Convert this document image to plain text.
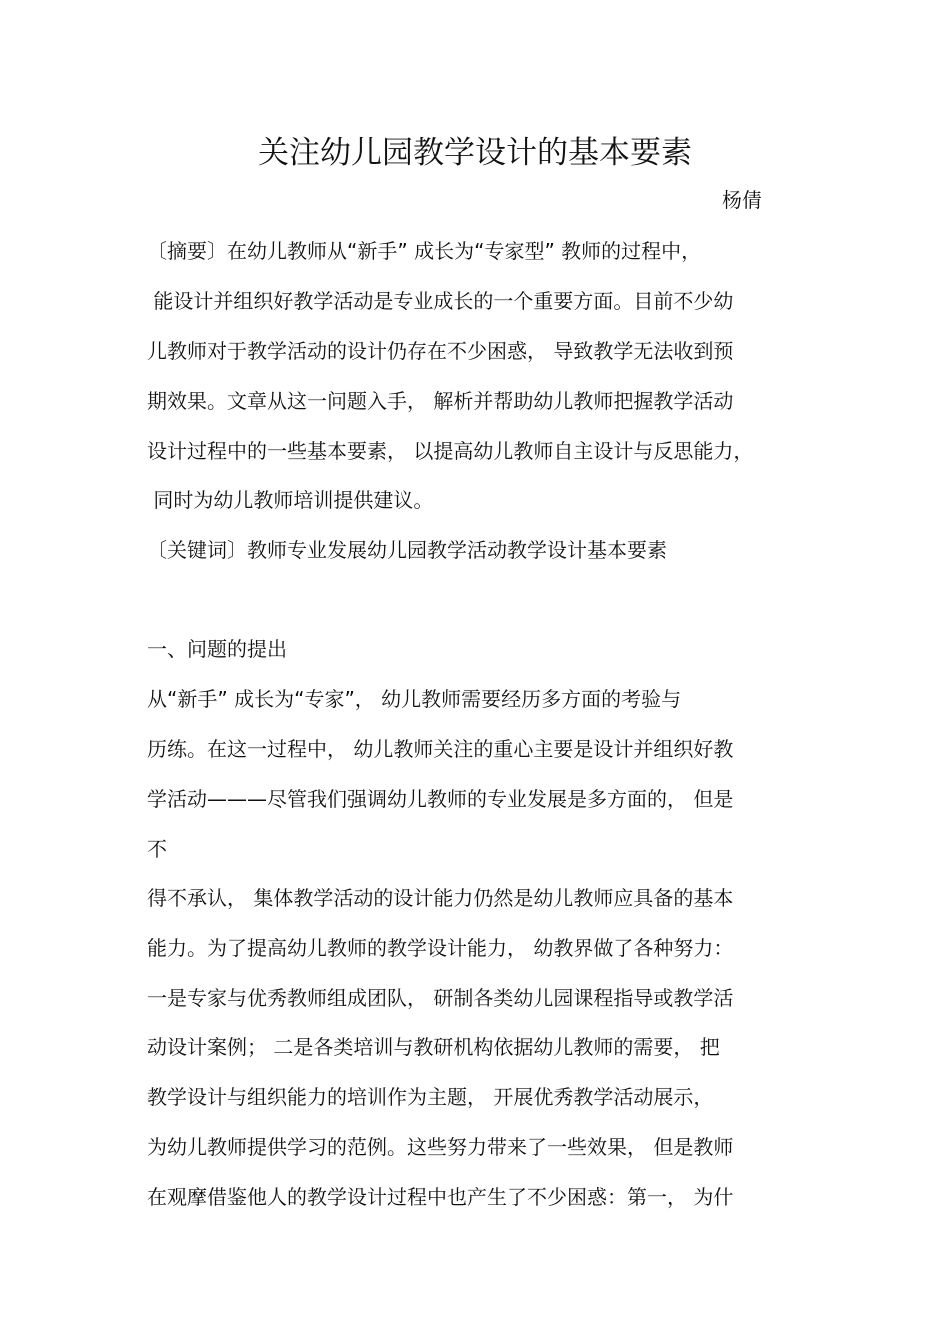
关注幼儿园教学设计的基本要素
杨倩
〔摘要〕在幼儿教师从“新手” 成长为“专家型” 教师的过程中，
能设计并组织好教学活动是专业成长的一个重要方面。目前不少幼
儿教师对于教学活动的设计仍存在不少困惑， 导致教学无法收到预
期效果。文章从这一问题入手， 解析并帮助幼儿教师把握教学活动
设计过程中的一些基本要素， 以提高幼儿教师自主设计与反思能力，
同时为幼儿教师培训提供建议。
〔关键词〕教师专业发展幼儿园教学活动教学设计基本要素
一、问题的提出
从“新手” 成长为“专家”， 幼儿教师需要经历多方面的考验与
历练。在这一过程中， 幼儿教师关注的重心主要是设计并组织好教
学活动———尽管我们强调幼儿教师的专业发展是多方面的， 但是
不
得不承认， 集体教学活动的设计能力仍然是幼儿教师应具备的基本
能力。为了提高幼儿教师的教学设计能力， 幼教界做了各种努力：
一是专家与优秀教师组成团队， 研制各类幼儿园课程指导或教学活
动设计案例； 二是各类培训与教研机构依据幼儿教师的需要， 把
教学设计与组织能力的培训作为主题， 开展优秀教学活动展示，
为幼儿教师提供学习的范例。这些努力带来了一些效果， 但是教师
在观摩借鉴他人的教学设计过程中也产生了不少困惑：第一， 为什
